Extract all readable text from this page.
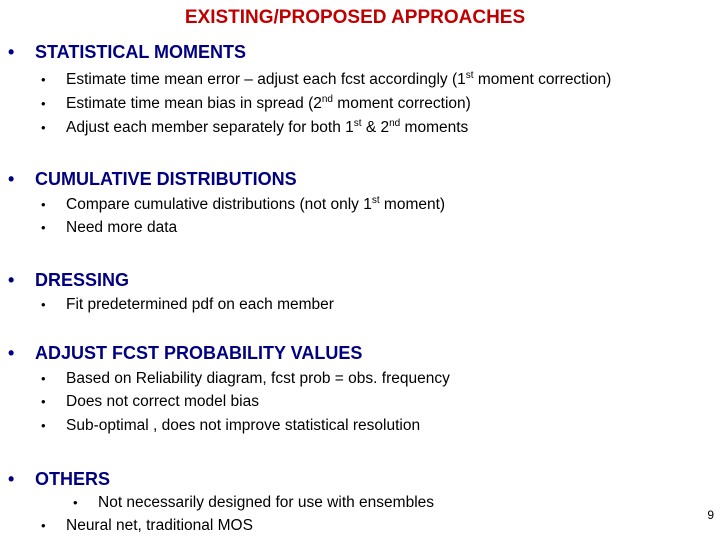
EXISTING/PROPOSED APPROACHES
• STATISTICAL MOMENTS
• Estimate time mean error – adjust each fcst accordingly (1st moment correction)
• Estimate time mean bias in spread (2nd moment correction)
• Adjust each member separately for both 1st & 2nd moments
• CUMULATIVE DISTRIBUTIONS
• Compare cumulative distributions (not only 1st moment)
• Need more data
• DRESSING
• Fit predetermined pdf on each member
• ADJUST FCST PROBABILITY VALUES
• Based on Reliability diagram, fcst prob = obs. frequency
• Does not correct model bias
• Sub-optimal , does not improve statistical resolution
• OTHERS
• Not necessarily designed for use with ensembles
• Neural net, traditional MOS
9
